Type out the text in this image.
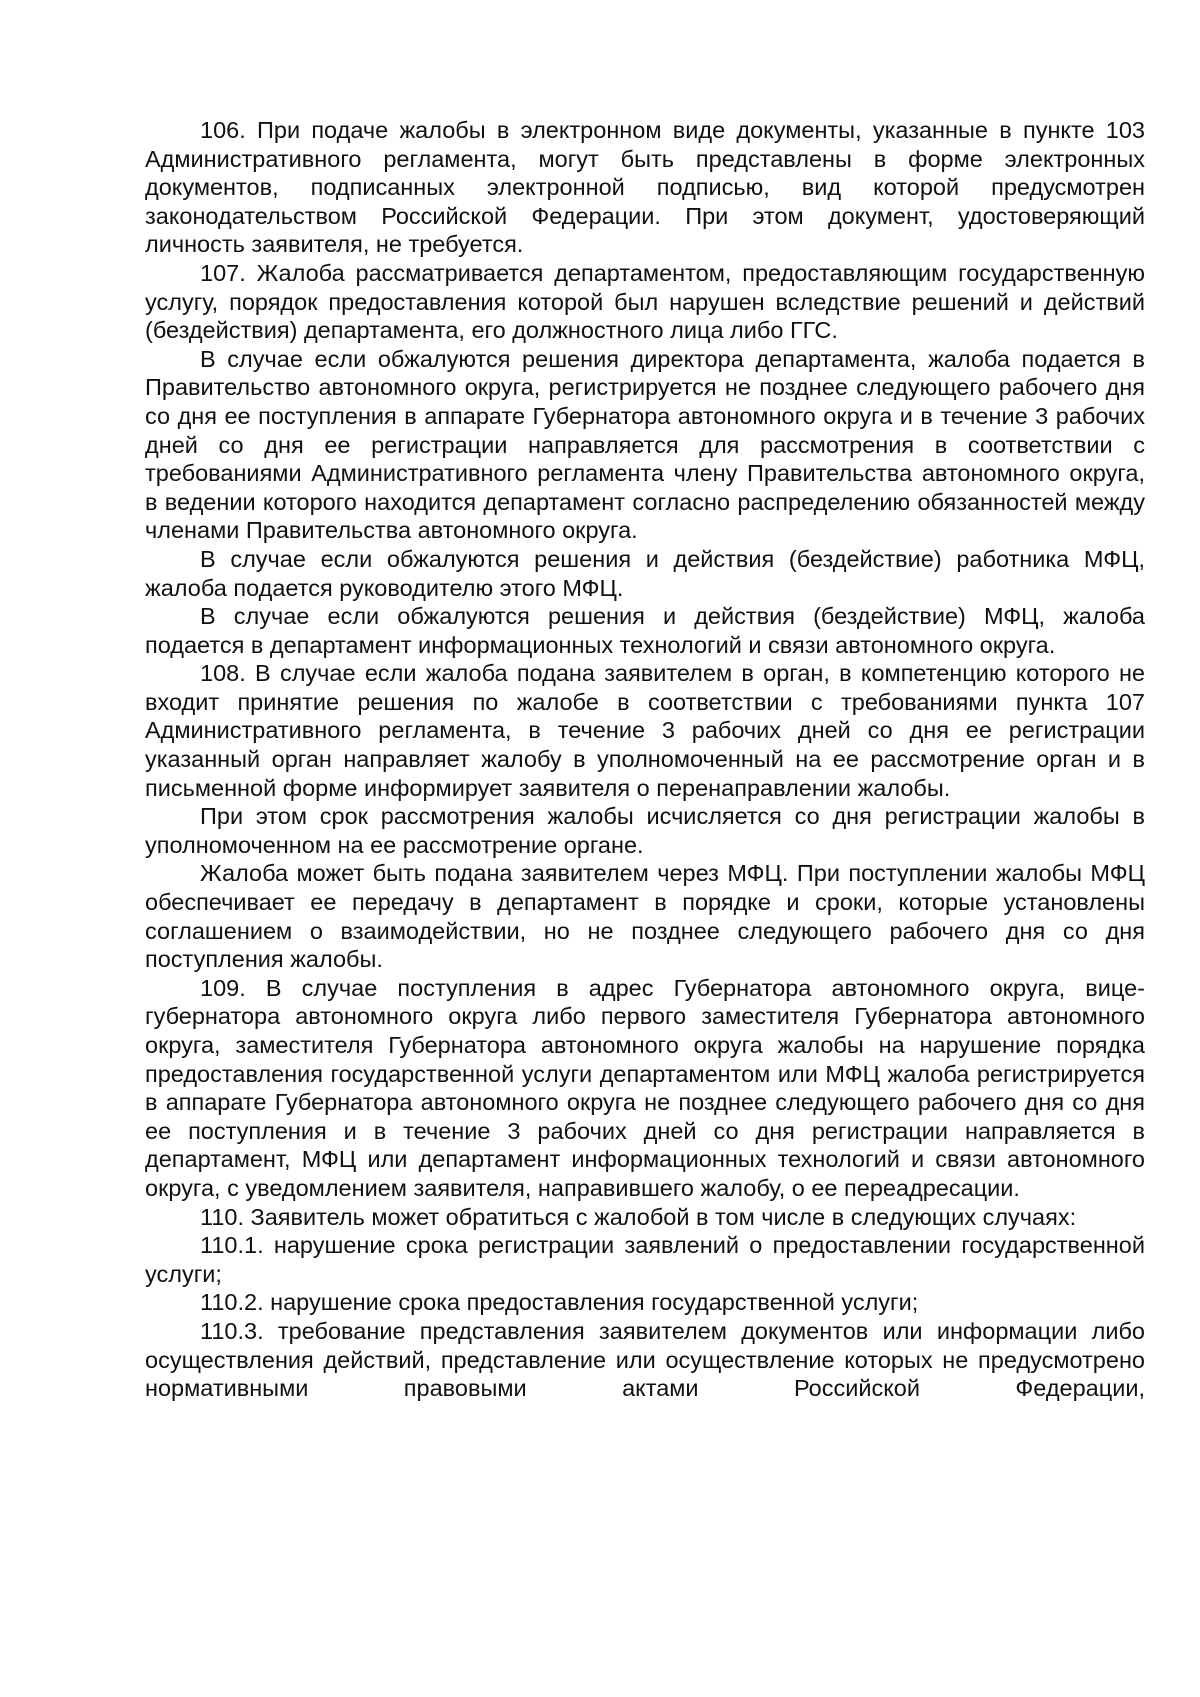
106. При подаче жалобы в электронном виде документы, указанные в пункте 103 Административного регламента, могут быть представлены в форме электронных документов, подписанных электронной подписью, вид которой предусмотрен законодательством Российской Федерации. При этом документ, удостоверяющий личность заявителя, не требуется.

107. Жалоба рассматривается департаментом, предоставляющим государственную услугу, порядок предоставления которой был нарушен вследствие решений и действий (бездействия) департамента, его должностного лица либо ГГС.

В случае если обжалуются решения директора департамента, жалоба подается в Правительство автономного округа, регистрируется не позднее следующего рабочего дня со дня ее поступления в аппарате Губернатора автономного округа и в течение 3 рабочих дней со дня ее регистрации направляется для рассмотрения в соответствии с требованиями Административного регламента члену Правительства автономного округа, в ведении которого находится департамент согласно распределению обязанностей между членами Правительства автономного округа.

В случае если обжалуются решения и действия (бездействие) работника МФЦ, жалоба подается руководителю этого МФЦ.

В случае если обжалуются решения и действия (бездействие) МФЦ, жалоба подается в департамент информационных технологий и связи автономного округа.

108. В случае если жалоба подана заявителем в орган, в компетенцию которого не входит принятие решения по жалобе в соответствии с требованиями пункта 107 Административного регламента, в течение 3 рабочих дней со дня ее регистрации указанный орган направляет жалобу в уполномоченный на ее рассмотрение орган и в письменной форме информирует заявителя о перенаправлении жалобы.

При этом срок рассмотрения жалобы исчисляется со дня регистрации жалобы в уполномоченном на ее рассмотрение органе.

Жалоба может быть подана заявителем через МФЦ. При поступлении жалобы МФЦ обеспечивает ее передачу в департамент в порядке и сроки, которые установлены соглашением о взаимодействии, но не позднее следующего рабочего дня со дня поступления жалобы.

109. В случае поступления в адрес Губернатора автономного округа, вице-губернатора автономного округа либо первого заместителя Губернатора автономного округа, заместителя Губернатора автономного округа жалобы на нарушение порядка предоставления государственной услуги департаментом или МФЦ жалоба регистрируется в аппарате Губернатора автономного округа не позднее следующего рабочего дня со дня ее поступления и в течение 3 рабочих дней со дня регистрации направляется в департамент, МФЦ или департамент информационных технологий и связи автономного округа, с уведомлением заявителя, направившего жалобу, о ее переадресации.

110. Заявитель может обратиться с жалобой в том числе в следующих случаях:

110.1. нарушение срока регистрации заявлений о предоставлении государственной услуги;

110.2. нарушение срока предоставления государственной услуги;

110.3. требование представления заявителем документов или информации либо осуществления действий, представление или осуществление которых не предусмотрено нормативными правовыми актами Российской Федерации,
